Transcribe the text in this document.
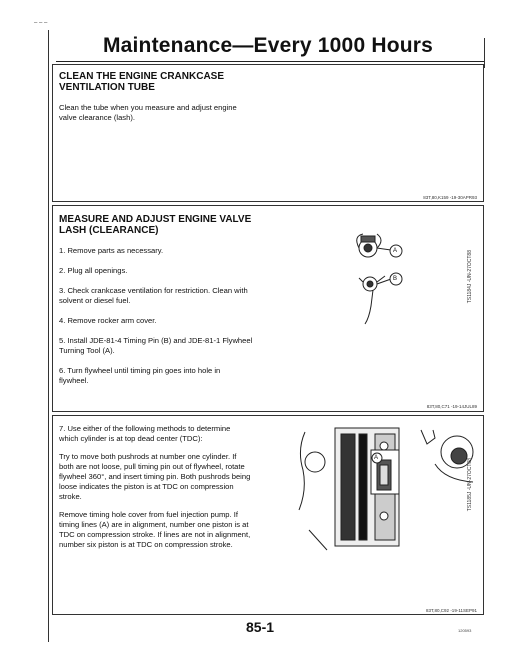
– – –
Maintenance—Every 1000 Hours
CLEAN THE ENGINE CRANKCASE
VENTILATION TUBE
Clean the tube when you measure and adjust engine
valve clearance (lash).
83T,80,K159 -19-30APR93
MEASURE AND ADJUST ENGINE VALVE
LASH (CLEARANCE)
1. Remove parts as necessary.
2. Plug all openings.
3. Check crankcase ventilation for restriction. Clean with
solvent or diesel fuel.
4. Remove rocker arm cover.
5. Install JDE-81-4 Timing Pin (B) and JDE-81-1 Flywheel
Turning Tool (A).
6. Turn flywheel until timing pin goes into hole in
flywheel.
A
B	TS1184J -UN-27OCT88
83T,80,C71 -19-14JUL89
7. Use either of the following methods to determine
which cylinder is at top dead center (TDC):
Try to move both pushrods at number one cylinder. If
both are not loose, pull timing pin out of flywheel, rotate
flywheel 360°, and insert timing pin. Both pushrods being
loose indicates the piston is at TDC on compression
stroke.
Remove timing hole cover from fuel injection pump. If
timing lines (A) are in alignment, number one piston is at
TDC on compression stroke. If lines are not in alignment,
number six piston is at TDC on compression stroke.
A	TS1185J -UN-27OCT88
83T,80,C92 -19-11SEP91
85-1	120593
